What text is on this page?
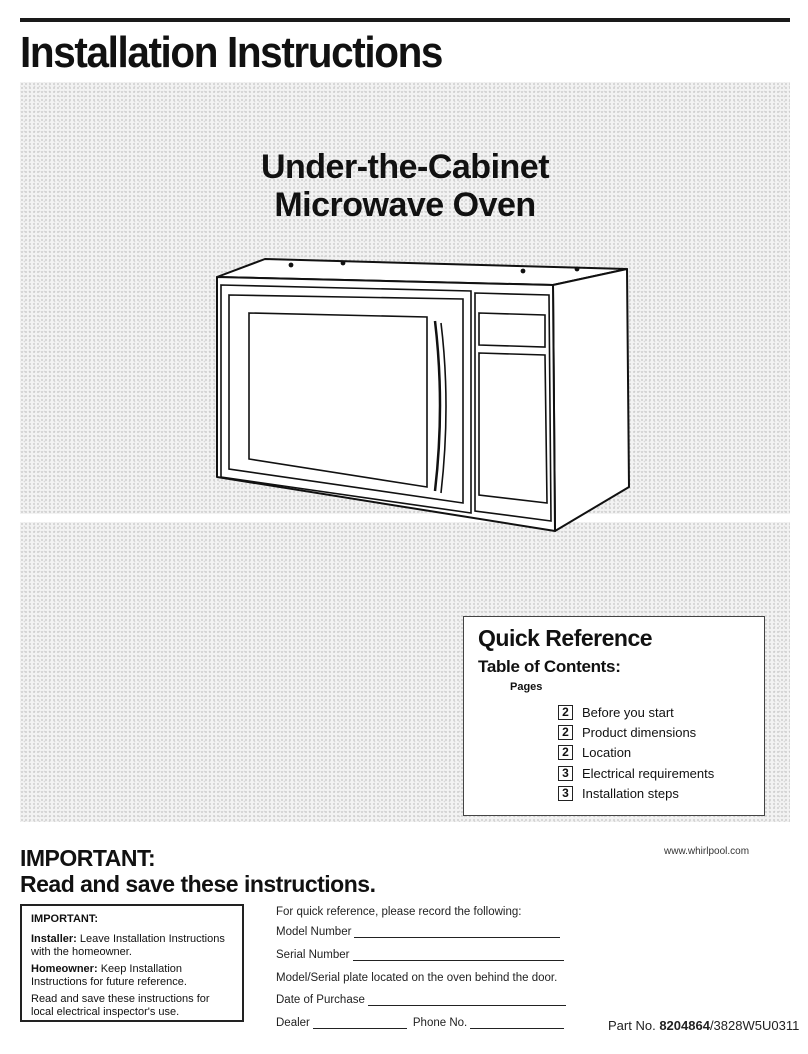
Installation Instructions
Under-the-Cabinet
Microwave Oven
Quick Reference
Table of Contents:
Pages
2	Before you start
2	Product dimensions
2	Location
3	Electrical requirements
3	Installation steps
IMPORTANT:
Read and save these instructions.
www.whirlpool.com

IMPORTANT:

Installer: Leave Installation Instructions with the homeowner.

Homeowner: Keep Installation Instructions for future reference.

Read and save these instructions for local electrical inspector's use.

For quick reference, please record the following:
Model Number
Serial Number
Model/Serial plate located on the oven behind the door.
Date of Purchase
Dealer	Phone No.	Part No. 8204864/3828W5U0311
